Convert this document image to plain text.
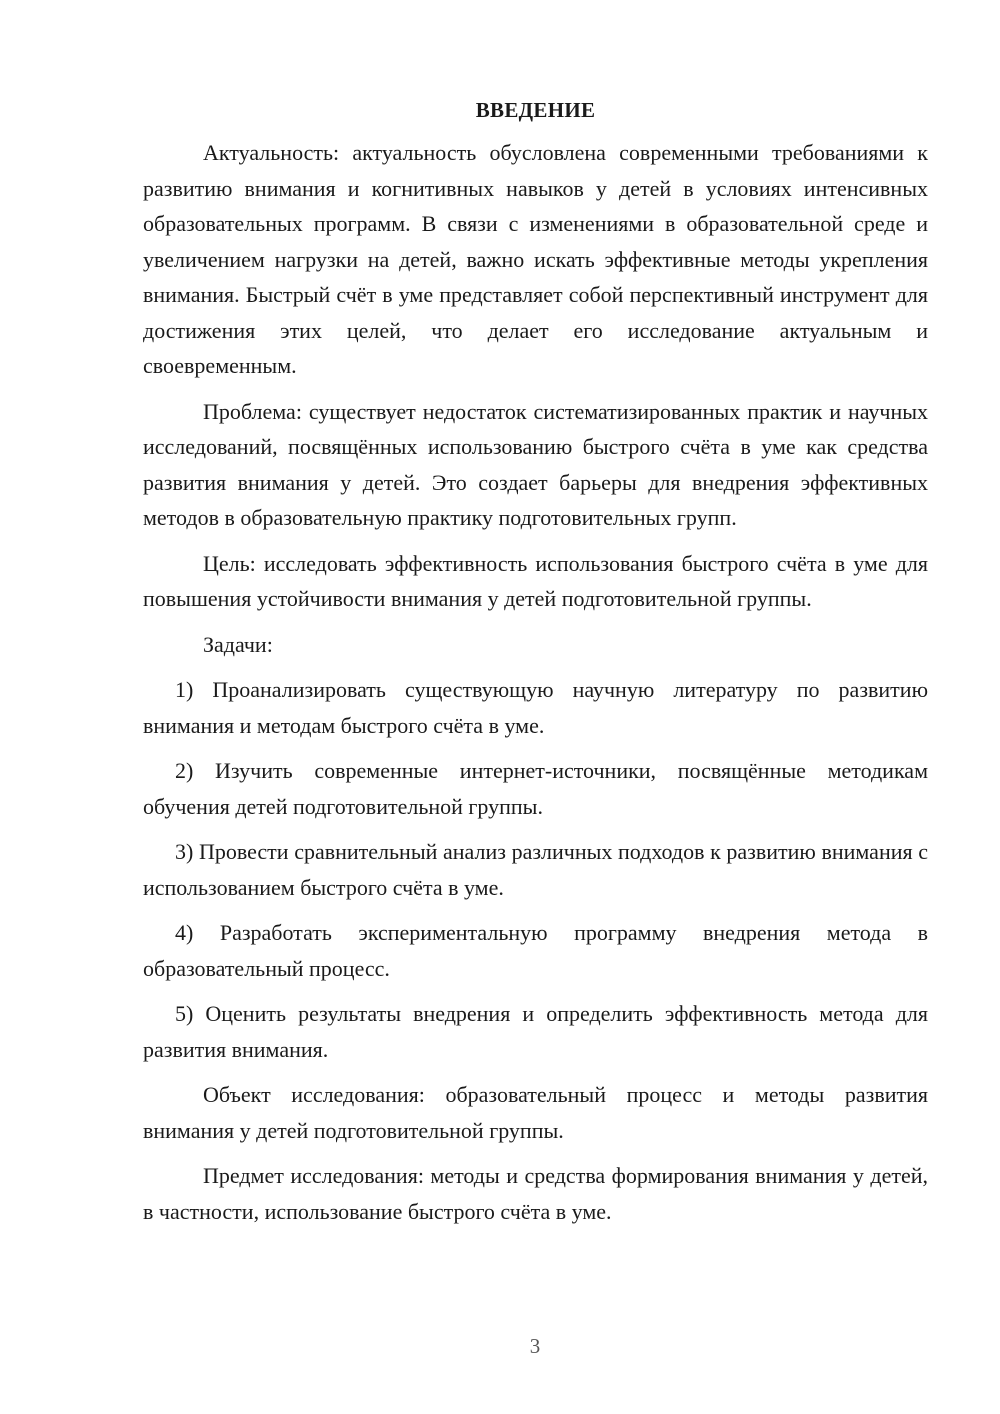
ВВЕДЕНИЕ

Актуальность: актуальность обусловлена современными требованиями к развитию внимания и когнитивных навыков у детей в условиях интенсивных образовательных программ. В связи с изменениями в образовательной среде и увеличением нагрузки на детей, важно искать эффективные методы укрепления внимания. Быстрый счёт в уме представляет собой перспективный инструмент для достижения этих целей, что делает его исследование актуальным и своевременным.

Проблема: существует недостаток систематизированных практик и научных исследований, посвящённых использованию быстрого счёта в уме как средства развития внимания у детей. Это создает барьеры для внедрения эффективных методов в образовательную практику подготовительных групп.

Цель: исследовать эффективность использования быстрого счёта в уме для повышения устойчивости внимания у детей подготовительной группы.

Задачи:

1) Проанализировать существующую научную литературу по развитию внимания и методам быстрого счёта в уме.

2) Изучить современные интернет-источники, посвящённые методикам обучения детей подготовительной группы.

3) Провести сравнительный анализ различных подходов к развитию внимания с использованием быстрого счёта в уме.

4) Разработать экспериментальную программу внедрения метода в образовательный процесс.

5) Оценить результаты внедрения и определить эффективность метода для развития внимания.

Объект исследования: образовательный процесс и методы развития внимания у детей подготовительной группы.

Предмет исследования: методы и средства формирования внимания у детей, в частности, использование быстрого счёта в уме.

3
